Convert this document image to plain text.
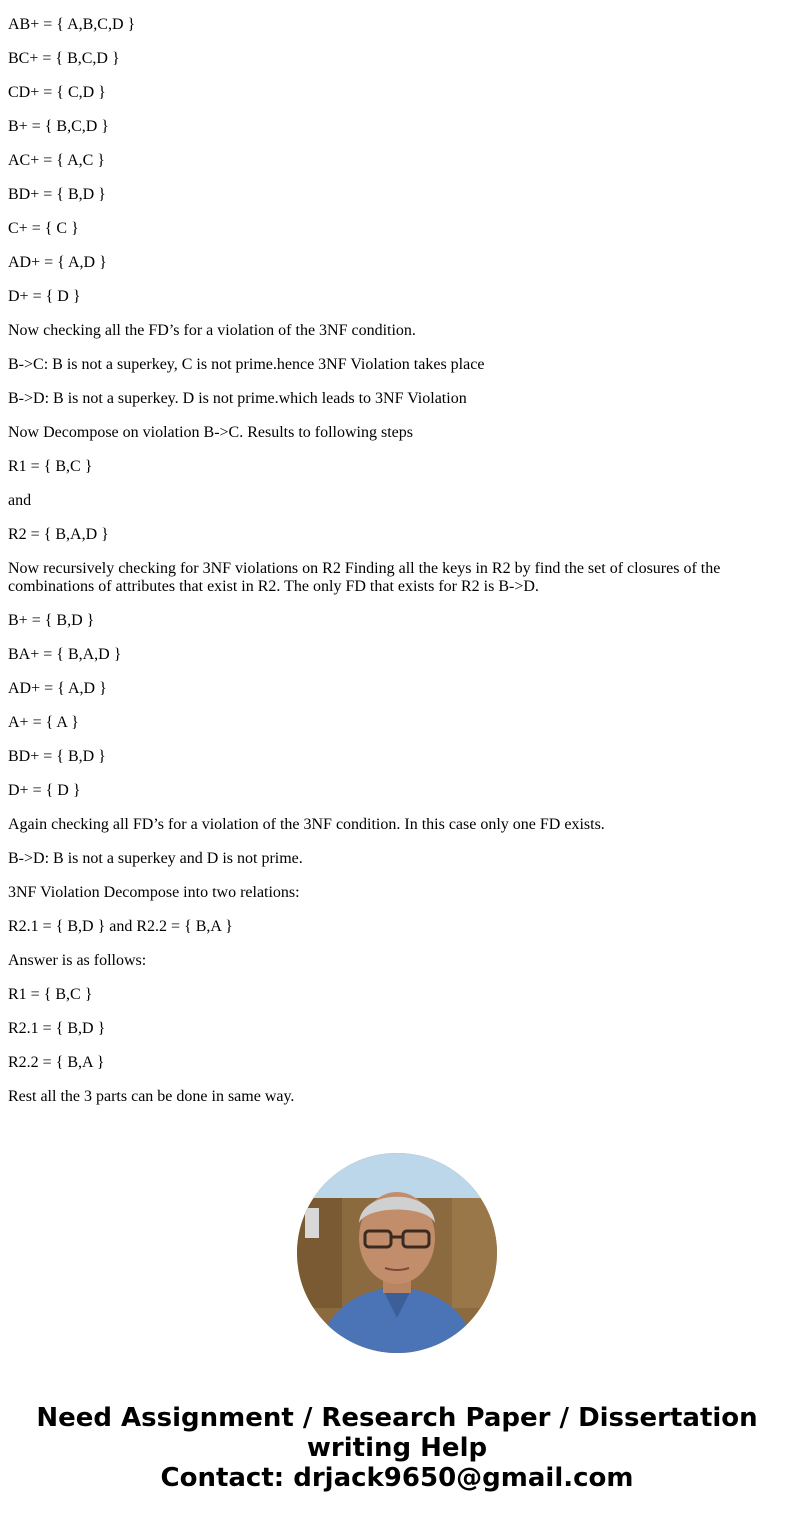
AB+ = { A,B,C,D }

BC+ = { B,C,D }

CD+ = { C,D }

B+ = { B,C,D }

AC+ = { A,C }

BD+ = { B,D }

C+ = { C }

AD+ = { A,D }

D+ = { D }

Now checking all the FD’s for a violation of the 3NF condition.

B->C: B is not a superkey, C is not prime.hence 3NF Violation takes place

B->D: B is not a superkey. D is not prime.which leads to 3NF Violation

Now Decompose on violation B->C. Results to following steps

R1 = { B,C }

and

R2 = { B,A,D }

Now recursively checking for 3NF violations on R2 Finding all the keys in R2 by find the set of closures of the combinations of attributes that exist in R2. The only FD that exists for R2 is B->D.

B+ = { B,D }

BA+ = { B,A,D }

AD+ = { A,D }

A+ = { A }

BD+ = { B,D }

D+ = { D }

Again checking all FD’s for a violation of the 3NF condition. In this case only one FD exists.

B->D: B is not a superkey and D is not prime.

3NF Violation Decompose into two relations:

R2.1 = { B,D } and R2.2 = { B,A }

Answer is as follows:

R1 = { B,C }

R2.1 = { B,D }

R2.2 = { B,A }

Rest all the 3 parts can be done in same way.

Need Assignment / Research Paper / Dissertation
writing Help
Contact: drjack9650@gmail.com
